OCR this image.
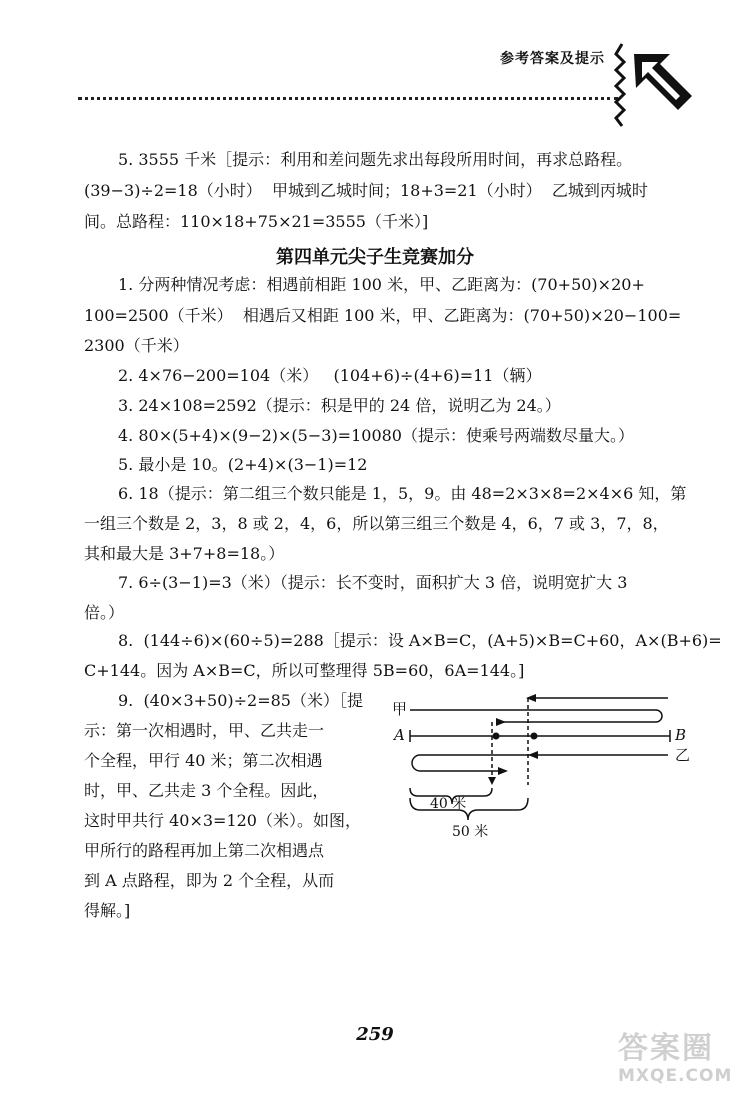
参考答案及提示
5. 3555 千米［提示：利用和差问题先求出每段所用时间，再求总路程。
(39−3)÷2=18（小时）  甲城到乙城时间；18+3=21（小时）  乙城到丙城时
间。总路程：110×18+75×21=3555（千米）]
第四单元尖子生竞赛加分
1. 分两种情况考虑：相遇前相距 100 米，甲、乙距离为：(70+50)×20+
100=2500（千米）  相遇后又相距 100 米，甲、乙距离为：(70+50)×20−100=
2300（千米）
2. 4×76−200=104（米）   (104+6)÷(4+6)=11（辆）
3. 24×108=2592（提示：积是甲的 24 倍，说明乙为 24。）
4. 80×(5+4)×(9−2)×(5−3)=10080（提示：使乘号两端数尽量大。）
5. 最小是 10。(2+4)×(3−1)=12
6. 18（提示：第二组三个数只能是 1，5，9。由 48=2×3×8=2×4×6 知，第
一组三个数是 2，3，8 或 2，4，6，所以第三组三个数是 4，6，7 或 3，7，8，
其和最大是 3+7+8=18。）
7. 6÷(3−1)=3（米）（提示：长不变时，面积扩大 3 倍，说明宽扩大 3
倍。）
8.  (144÷6)×(60÷5)=288［提示：设 A×B=C，(A+5)×B=C+60，A×(B+6)=
C+144。因为 A×B=C，所以可整理得 5B=60，6A=144。]
9.  (40×3+50)÷2=85（米）［提
示：第一次相遇时，甲、乙共走一
个全程，甲行 40 米；第二次相遇
时，甲、乙共走 3 个全程。因此，
这时甲共行 40×3=120（米）。如图，
甲所行的路程再加上第二次相遇点
到 A 点路程，即为 2 个全程，从而
得解。]
甲
A	B
乙
40 米
50 米
259	答案圈
MXQE.COM
